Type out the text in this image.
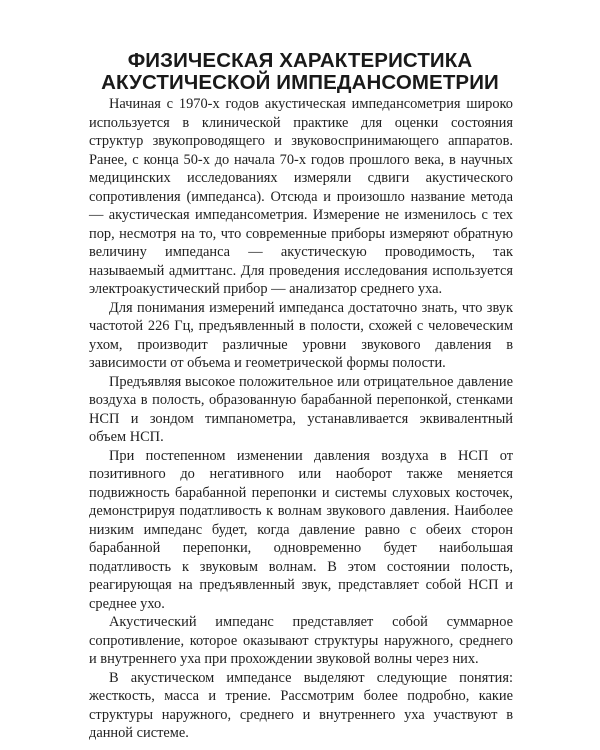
ФИЗИЧЕСКАЯ ХАРАКТЕРИСТИКА
АКУСТИЧЕСКОЙ ИМПЕДАНСОМЕТРИИ

Начиная с 1970-х годов акустическая импедансометрия широко используется в клинической практике для оценки состояния структур звукопроводящего и звуковоспринимающего аппаратов. Ранее, с конца 50-х до начала 70-х годов прошлого века, в научных медицинских исследованиях измеряли сдвиги акустического сопротивления (импеданса). Отсюда и произошло название метода — акустическая импедансометрия. Измерение не изменилось с тех пор, несмотря на то, что современные приборы измеряют обратную величину импеданса — акустическую проводимость, так называемый адмиттанс. Для проведения исследования используется электроакустический прибор — анализатор среднего уха.

Для понимания измерений импеданса достаточно знать, что звук частотой 226 Гц, предъявленный в полости, схожей с человеческим ухом, производит различные уровни звукового давления в зависимости от объема и геометрической формы полости.

Предъявляя высокое положительное или отрицательное давление воздуха в полость, образованную барабанной перепонкой, стенками НСП и зондом тимпанометра, устанавливается эквивалентный объем НСП.

При постепенном изменении давления воздуха в НСП от позитивного до негативного или наоборот также меняется подвижность барабанной перепонки и системы слуховых косточек, демонстрируя податливость к волнам звукового давления. Наиболее низким импеданс будет, когда давление равно с обеих сторон барабанной перепонки, одновременно будет наибольшая податливость к звуковым волнам. В этом состоянии полость, реагирующая на предъявленный звук, представляет собой НСП и среднее ухо.

Акустический импеданс представляет собой суммарное сопротивление, которое оказывают структуры наружного, среднего и внутреннего уха при прохождении звуковой волны через них.

В акустическом импедансе выделяют следующие понятия: жесткость, масса и трение. Рассмотрим более подробно, какие структуры наружного, среднего и внутреннего уха участвуют в данной системе.
